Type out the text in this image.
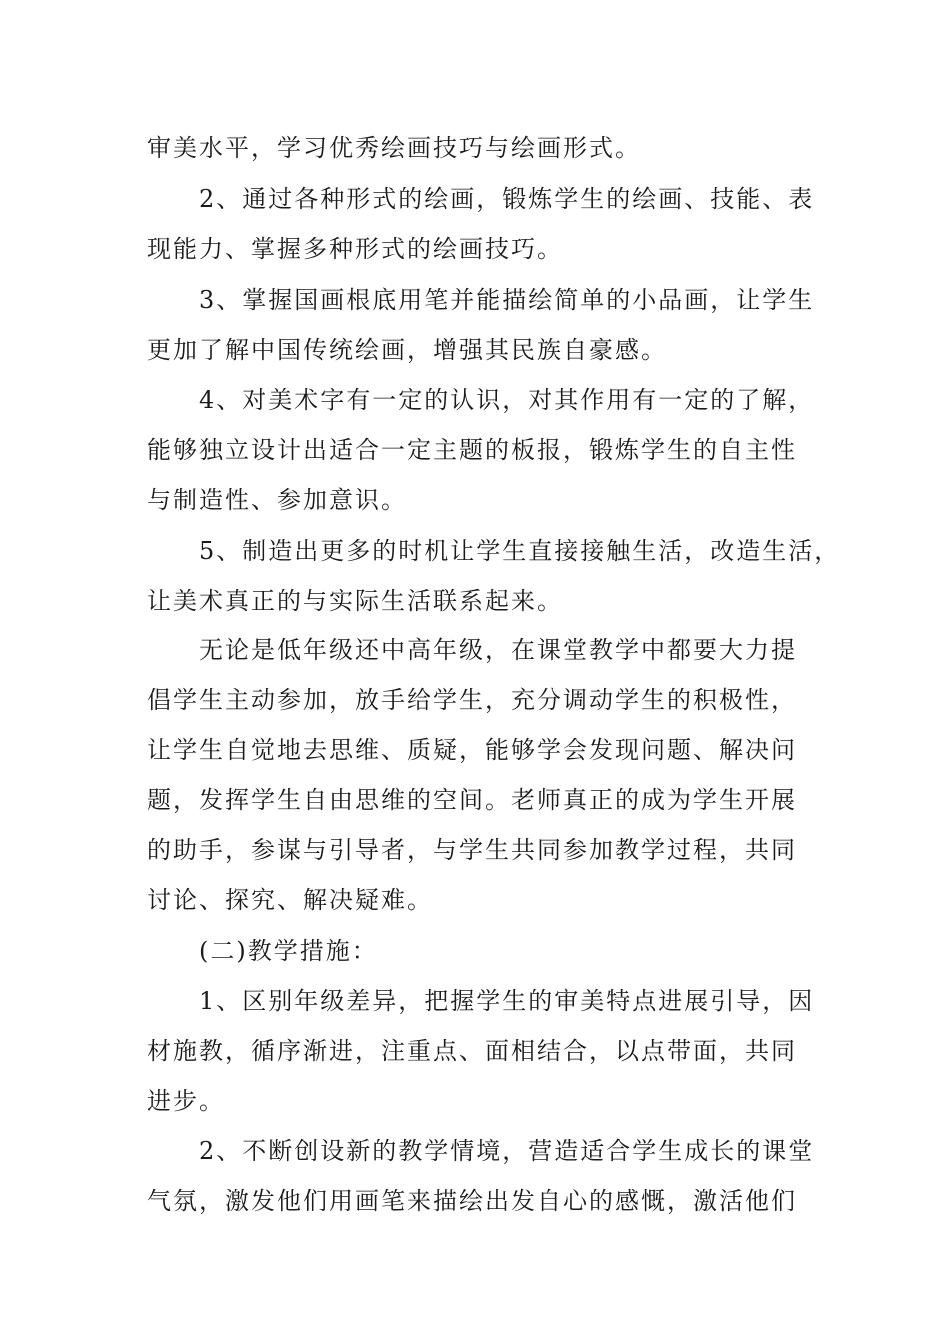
审美水平，学习优秀绘画技巧与绘画形式。
2、通过各种形式的绘画，锻炼学生的绘画、技能、表
现能力、掌握多种形式的绘画技巧。
3、掌握国画根底用笔并能描绘简单的小品画，让学生
更加了解中国传统绘画，增强其民族自豪感。
4、对美术字有一定的认识，对其作用有一定的了解，
能够独立设计出适合一定主题的板报，锻炼学生的自主性
与制造性、参加意识。
5、制造出更多的时机让学生直接接触生活，改造生活，
让美术真正的与实际生活联系起来。
无论是低年级还中高年级，在课堂教学中都要大力提
倡学生主动参加，放手给学生，充分调动学生的积极性，
让学生自觉地去思维、质疑，能够学会发现问题、解决问
题，发挥学生自由思维的空间。老师真正的成为学生开展
的助手，参谋与引导者，与学生共同参加教学过程，共同
讨论、探究、解决疑难。
(二)教学措施：
1、区别年级差异，把握学生的审美特点进展引导，因
材施教，循序渐进，注重点、面相结合，以点带面，共同
进步。
2、不断创设新的教学情境，营造适合学生成长的课堂
气氛，激发他们用画笔来描绘出发自心的感慨，激活他们
